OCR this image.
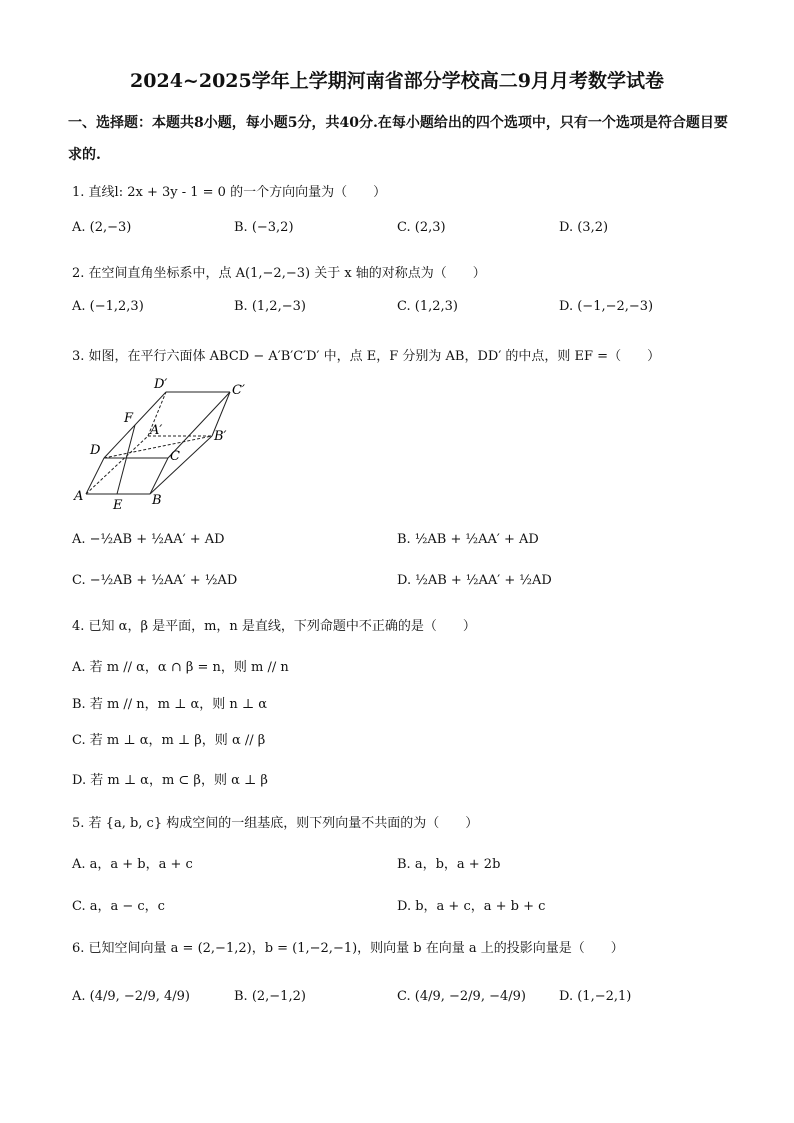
2024~2025学年上学期河南省部分学校高二9月月考数学试卷
一、选择题：本题共8小题，每小题5分，共40分.在每小题给出的四个选项中，只有一个选项是符合题目要求的.
1. 直线l: 2x + 3y - 1 = 0 的一个方向向量为（　　）
A. (2,−3)	B. (−3,2)	C. (2,3)	D. (3,2)
2. 在空间直角坐标系中，点 A(1,−2,−3) 关于 x 轴的对称点为（　　）
A. (−1,2,3)	B. (1,2,−3)	C. (1,2,3)	D. (−1,−2,−3)
3. 如图，在平行六面体 ABCD − A′B′C′D′ 中，点 E，F 分别为 AB，DD′ 的中点，则 EF =（　　）
D′	C′
F
A′	B′
D	C
A
E B
A. −½AB + ½AA′ + AD	B. ½AB + ½AA′ + AD
C. −½AB + ½AA′ + ½AD	D. ½AB + ½AA′ + ½AD
4. 已知 α，β 是平面，m，n 是直线，下列命题中不正确的是（　　）
A. 若 m // α，α ∩ β = n，则 m // n
B. 若 m // n，m ⊥ α，则 n ⊥ α
C. 若 m ⊥ α，m ⊥ β，则 α // β
D. 若 m ⊥ α，m ⊂ β，则 α ⊥ β
5. 若 {a, b, c} 构成空间的一组基底，则下列向量不共面的为（　　）
A. a，a + b，a + c	B. a，b，a + 2b
C. a，a − c，c	D. b，a + c，a + b + c
6. 已知空间向量 a = (2,−1,2)，b = (1,−2,−1)，则向量 b 在向量 a 上的投影向量是（　　）
A. (4/9, −2/9, 4/9)	B. (2,−1,2)	C. (4/9, −2/9, −4/9)	D. (1,−2,1)
